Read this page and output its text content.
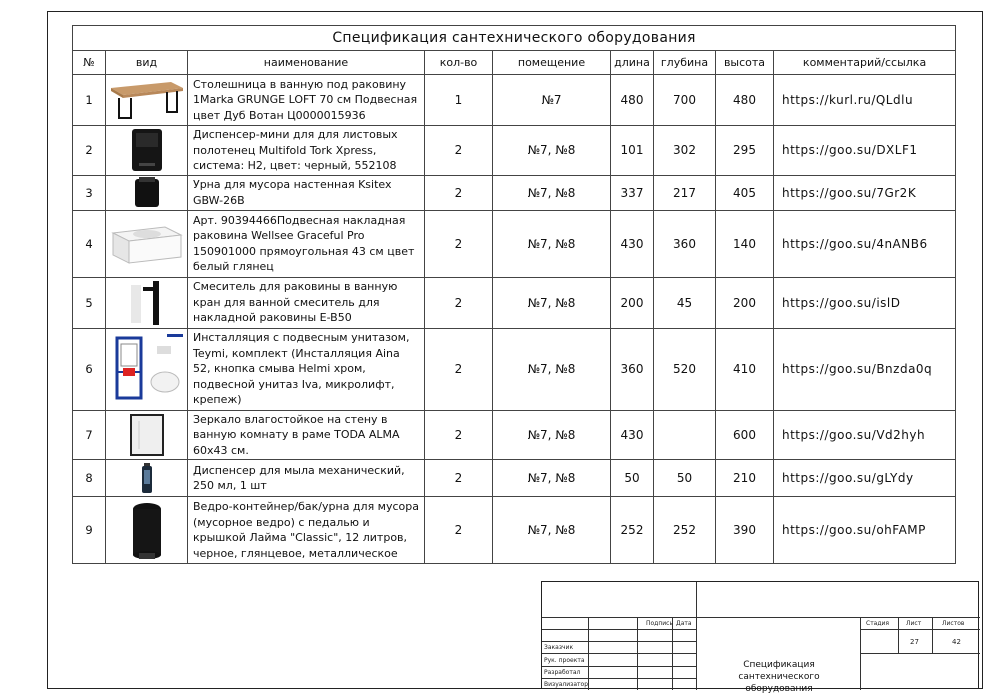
Спецификация сантехнического оборудования								
№	вид	наименование	кол-во	помещение	длина	глубина	высота	комментарий/ссылка
1		Столешница в ванную под раковину 1Marka GRUNGE LOFT 70 см Подвесная цвет Дуб Вотан Ц0000015936	1	№7	480	700	480	https://kurl.ru/QLdlu
2		Диспенсер-мини для для листовых полотенец Multifold Tork Xpress, система: H2, цвет: черный, 552108	2	№7, №8	101	302	295	https://goo.su/DXLF1
3		Урна для мусора настенная Ksitex GBW-26B	2	№7, №8	337	217	405	https://goo.su/7Gr2K
4		Арт. 90394466Подвесная накладная раковина Wellsee Graceful Pro 150901000 прямоугольная 43 см цвет белый глянец	2	№7, №8	430	360	140	https://goo.su/4nANB6
5		Смеситель для раковины в ванную кран для ванной смеситель для накладной раковины E-B50	2	№7, №8	200	45	200	https://goo.su/islD
6		Инсталляция с подвесным унитазом, Teymi, комплект (Инсталляция Aina 52, кнопка смыва Helmi хром, подвесной унитаз Iva, микролифт, крепеж)	2	№7, №8	360	520	410	https://goo.su/Bnzda0q
7		Зеркало влагостойкое на стену в ванную комнату в раме TODA ALMA 60x43 см.	2	№7, №8	430		600	https://goo.su/Vd2hyh
8		Диспенсер для мыла механический, 250 мл, 1 шт	2	№7, №8	50	50	210	https://goo.su/gLYdy
9		Ведро-контейнер/бак/урна для мусора (мусорное ведро) с педалью и крышкой Лайма "Classic", 12 литров, черное, глянцевое, металлическое	2	№7, №8	252	252	390	https://goo.su/ohFAMP
Подпись Дата	Стадия	Лист	Листов
27	42
Заказчик
Рук. проекта
Разработал
Визуализатор
Спецификация сантехнического
оборудования
